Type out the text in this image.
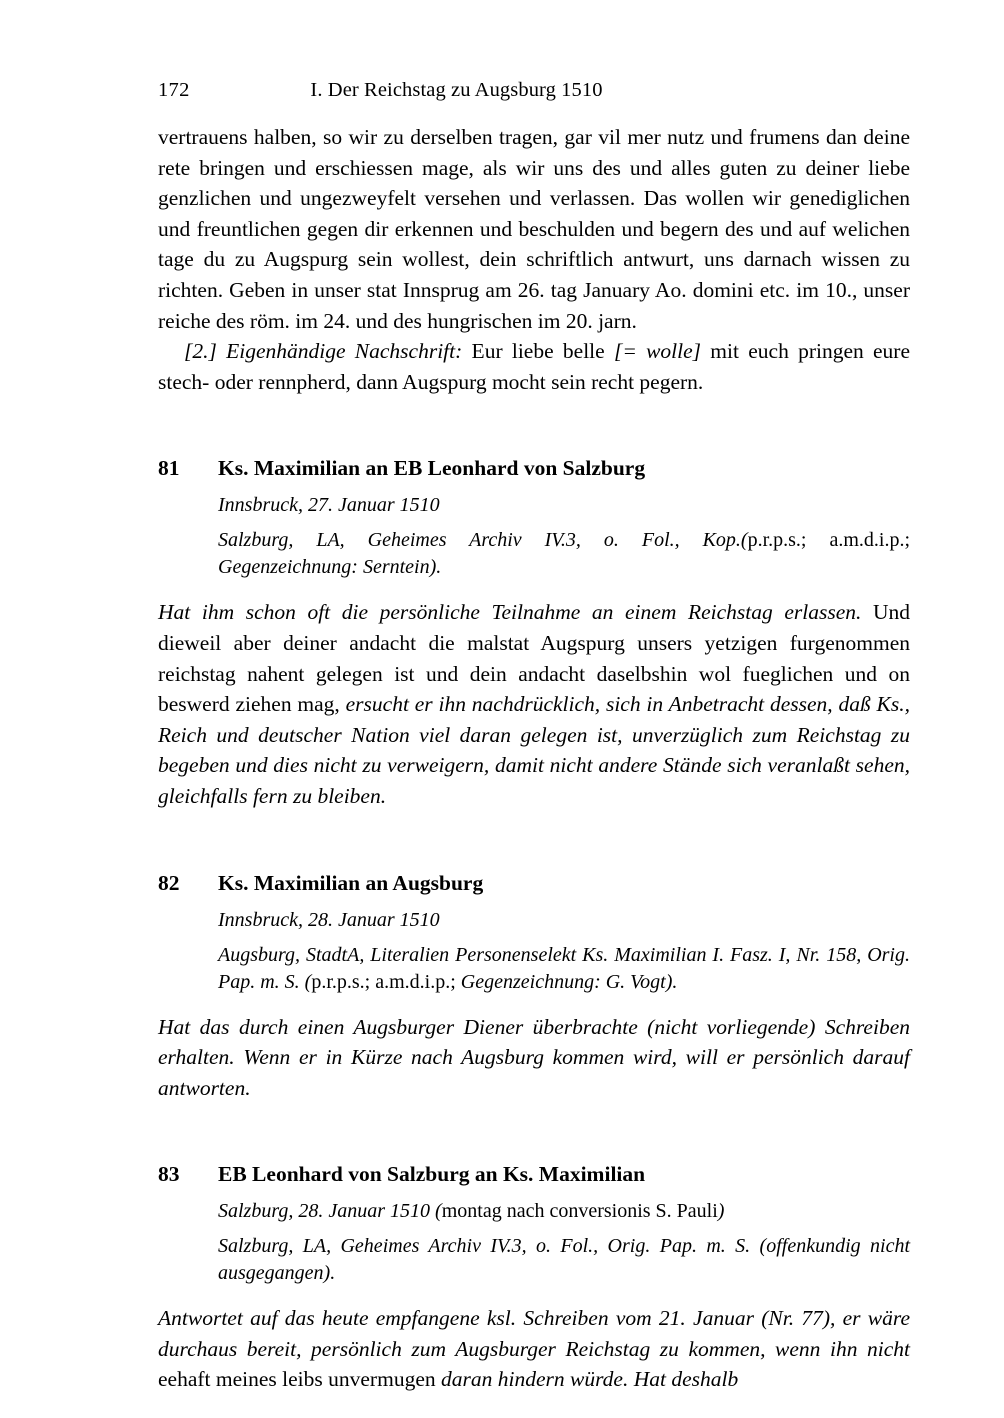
172	I. Der Reichstag zu Augsburg 1510

vertrauens halben, so wir zu derselben tragen, gar vil mer nutz und frumens dan deine rete bringen und erschiessen mage, als wir uns des und alles guten zu deiner liebe genzlichen und ungezweyfelt versehen und verlassen. Das wollen wir genediglichen und freuntlichen gegen dir erkennen und beschulden und begern des und auf welichen tage du zu Augspurg sein wollest, dein schriftlich antwurt, uns darnach wissen zu richten. Geben in unser stat Innsprug am 26. tag January Ao. domini etc. im 10., unser reiche des röm. im 24. und des hungrischen im 20. jarn.

[2.] Eigenhändige Nachschrift: Eur liebe belle [= wolle] mit euch pringen eure stech- oder rennpherd, dann Augspurg mocht sein recht pegern.

81 Ks. Maximilian an EB Leonhard von Salzburg
Innsbruck, 27. Januar 1510
Salzburg, LA, Geheimes Archiv IV.3, o. Fol., Kop.(p.r.p.s.; a.m.d.i.p.; Gegenzeichnung: Serntein).
Hat ihm schon oft die persönliche Teilnahme an einem Reichstag erlassen. Und dieweil aber deiner andacht die malstat Augspurg unsers yetzigen furgenommen reichstag nahent gelegen ist und dein andacht daselbshin wol fueglichen und on beswerd ziehen mag, ersucht er ihn nachdrücklich, sich in Anbetracht dessen, daß Ks., Reich und deutscher Nation viel daran gelegen ist, unverzüglich zum Reichstag zu begeben und dies nicht zu verweigern, damit nicht andere Stände sich veranlaßt sehen, gleichfalls fern zu bleiben.
82 Ks. Maximilian an Augsburg
Innsbruck, 28. Januar 1510
Augsburg, StadtA, Literalien Personenselekt Ks. Maximilian I. Fasz. I, Nr. 158, Orig. Pap. m. S. (p.r.p.s.; a.m.d.i.p.; Gegenzeichnung: G. Vogt).
Hat das durch einen Augsburger Diener überbrachte (nicht vorliegende) Schreiben erhalten. Wenn er in Kürze nach Augsburg kommen wird, will er persönlich darauf antworten.
83 EB Leonhard von Salzburg an Ks. Maximilian
Salzburg, 28. Januar 1510 (montag nach conversionis S. Pauli)
Salzburg, LA, Geheimes Archiv IV.3, o. Fol., Orig. Pap. m. S. (offenkundig nicht ausgegangen).
Antwortet auf das heute empfangene ksl. Schreiben vom 21. Januar (Nr. 77), er wäre durchaus bereit, persönlich zum Augsburger Reichstag zu kommen, wenn ihn nicht eehaft meines leibs unvermugen daran hindern würde. Hat deshalb
